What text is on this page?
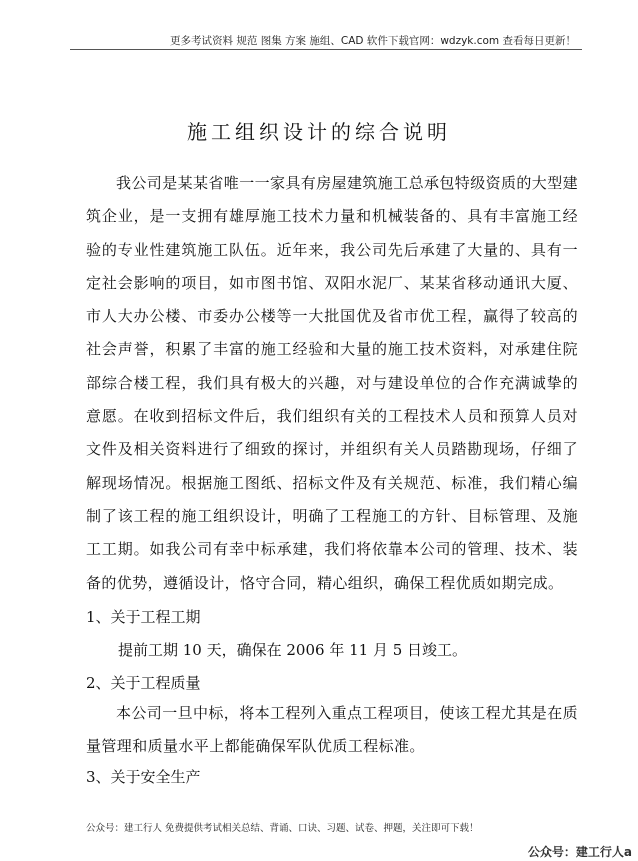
更多考试资料 规范 图集 方案 施组、CAD 软件下载官网：wdzyk.com 查看每日更新！
施工组织设计的综合说明

我公司是某某省唯一一家具有房屋建筑施工总承包特级资质的大型建筑企业，是一支拥有雄厚施工技术力量和机械装备的、具有丰富施工经验的专业性建筑施工队伍。近年来，我公司先后承建了大量的、具有一定社会影响的项目，如市图书馆、双阳水泥厂、某某省移动通讯大厦、市人大办公楼、市委办公楼等一大批国优及省市优工程，赢得了较高的社会声誉，积累了丰富的施工经验和大量的施工技术资料，对承建住院部综合楼工程，我们具有极大的兴趣，对与建设单位的合作充满诚挚的意愿。在收到招标文件后，我们组织有关的工程技术人员和预算人员对文件及相关资料进行了细致的探讨，并组织有关人员踏勘现场，仔细了解现场情况。根据施工图纸、招标文件及有关规范、标准，我们精心编制了该工程的施工组织设计，明确了工程施工的方针、目标管理、及施工工期。如我公司有幸中标承建，我们将依靠本公司的管理、技术、装备的优势，遵循设计，恪守合同，精心组织，确保工程优质如期完成。

1、关于工程工期
提前工期 10 天，确保在 2006 年 11 月 5 日竣工。
2、关于工程质量

本公司一旦中标，将本工程列入重点工程项目，使该工程尤其是在质量管理和质量水平上都能确保军队优质工程标准。

3、关于安全生产
公众号：建工行人 免费提供考试相关总结、背诵、口诀、习题、试卷、押题，关注即可下载！
公众号：建工行人a
